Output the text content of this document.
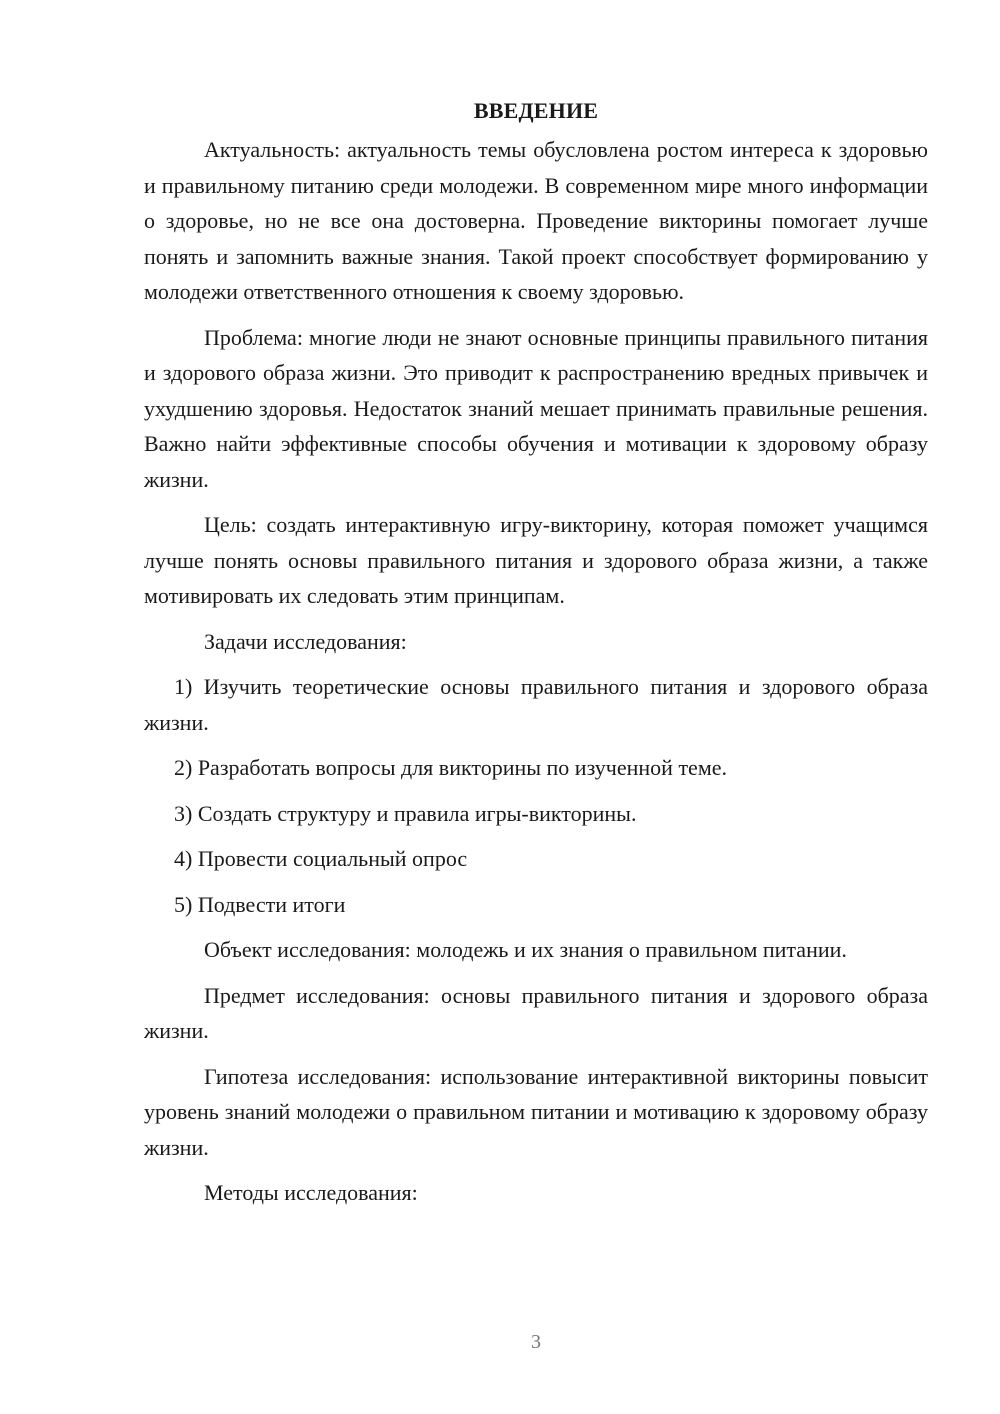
ВВЕДЕНИЕ

Актуальность: актуальность темы обусловлена ростом интереса к здоровью и правильному питанию среди молодежи. В современном мире много информации о здоровье, но не все она достоверна. Проведение викторины помогает лучше понять и запомнить важные знания. Такой проект способствует формированию у молодежи ответственного отношения к своему здоровью.

Проблема: многие люди не знают основные принципы правильного питания и здорового образа жизни. Это приводит к распространению вредных привычек и ухудшению здоровья. Недостаток знаний мешает принимать правильные решения. Важно найти эффективные способы обучения и мотивации к здоровому образу жизни.

Цель: создать интерактивную игру-викторину, которая поможет учащимся лучше понять основы правильного питания и здорового образа жизни, а также мотивировать их следовать этим принципам.

Задачи исследования:

1) Изучить теоретические основы правильного питания и здорового образа жизни.

2) Разработать вопросы для викторины по изученной теме.

3) Создать структуру и правила игры-викторины.

4) Провести социальный опрос

5) Подвести итоги

Объект исследования: молодежь и их знания о правильном питании.

Предмет исследования: основы правильного питания и здорового образа жизни.

Гипотеза исследования: использование интерактивной викторины повысит уровень знаний молодежи о правильном питании и мотивацию к здоровому образу жизни.

Методы исследования:

3
